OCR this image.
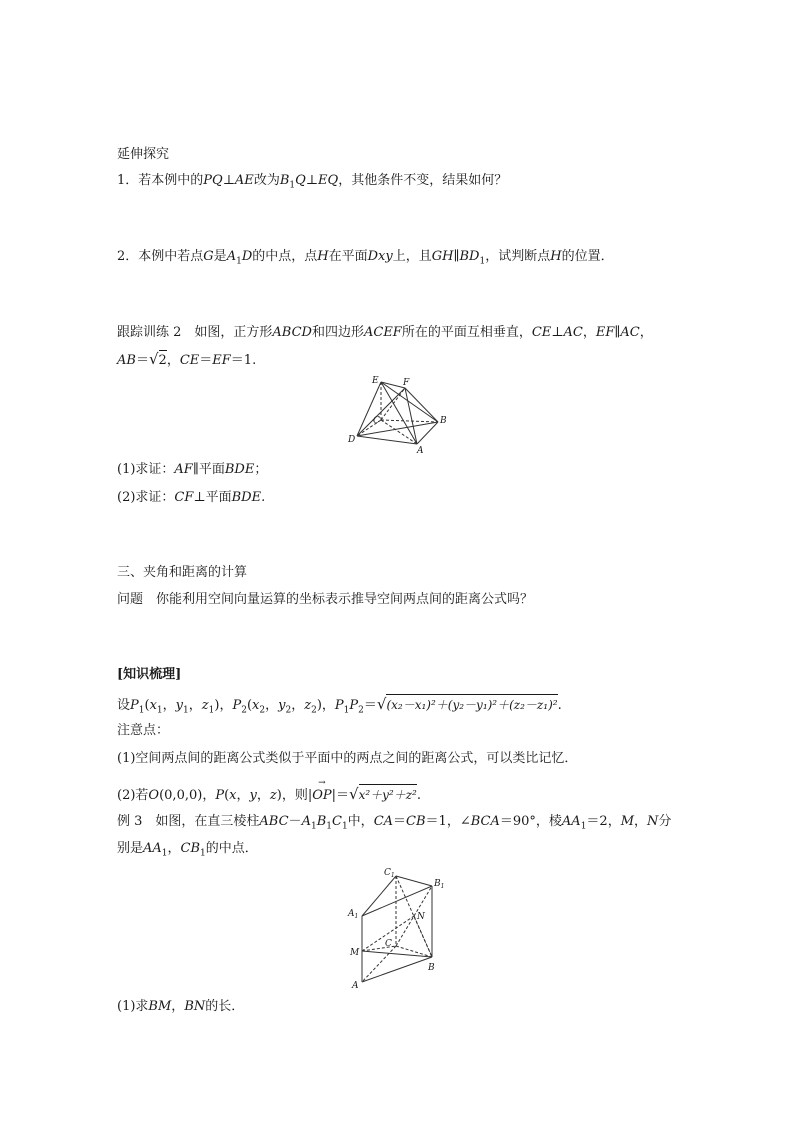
延伸探究
1．若本例中的PQ⊥AE改为$B_1Q\perp EQ$，其他条件不变，结果如何？
2．本例中若点G是$A_1D$的中点，点H在平面Dxy上，且$GH\parallel BD_1$，试判断点H的位置．
跟踪训练 2　如图，正方形ABCD和四边形ACEF所在的平面互相垂直，CE⊥AC，EF∥AC，
AB＝√2，CE＝EF＝1.
E	F
C	B
D
A
(1)求证：AF∥平面BDE；
(2)求证：CF⊥平面BDE.
三、夹角和距离的计算
问题　你能利用空间向量运算的坐标表示推导空间两点间的距离公式吗？
[知识梳理]
设$P_1(x_1$，$y_1$，$z_1$)，$P_2(x_2$，$y_2$，$z_2$)，$P_1P_2=√(x_2-x_1)^2+(y_2-y_1)^2+(z_2-z_1)^2$.
注意点：
(1)空间两点间的距离公式类似于平面中的两点之间的距离公式，可以类比记忆．
(2)若O(0,0,0)，P(x，y，z)，则|
→
OP|＝√x²＋y²＋z².
例 3　如图，在直三棱柱$ABC-A_1B_1C_1$中，CA＝CB＝1，∠BCA＝90°，棱$AA_1=2$，M，N分
别是$AA_1$，$CB_1$的中点．
$C_1$
$B_1$
$A_1$	N
C
M
B
A
(1)求BM，BN的长．
